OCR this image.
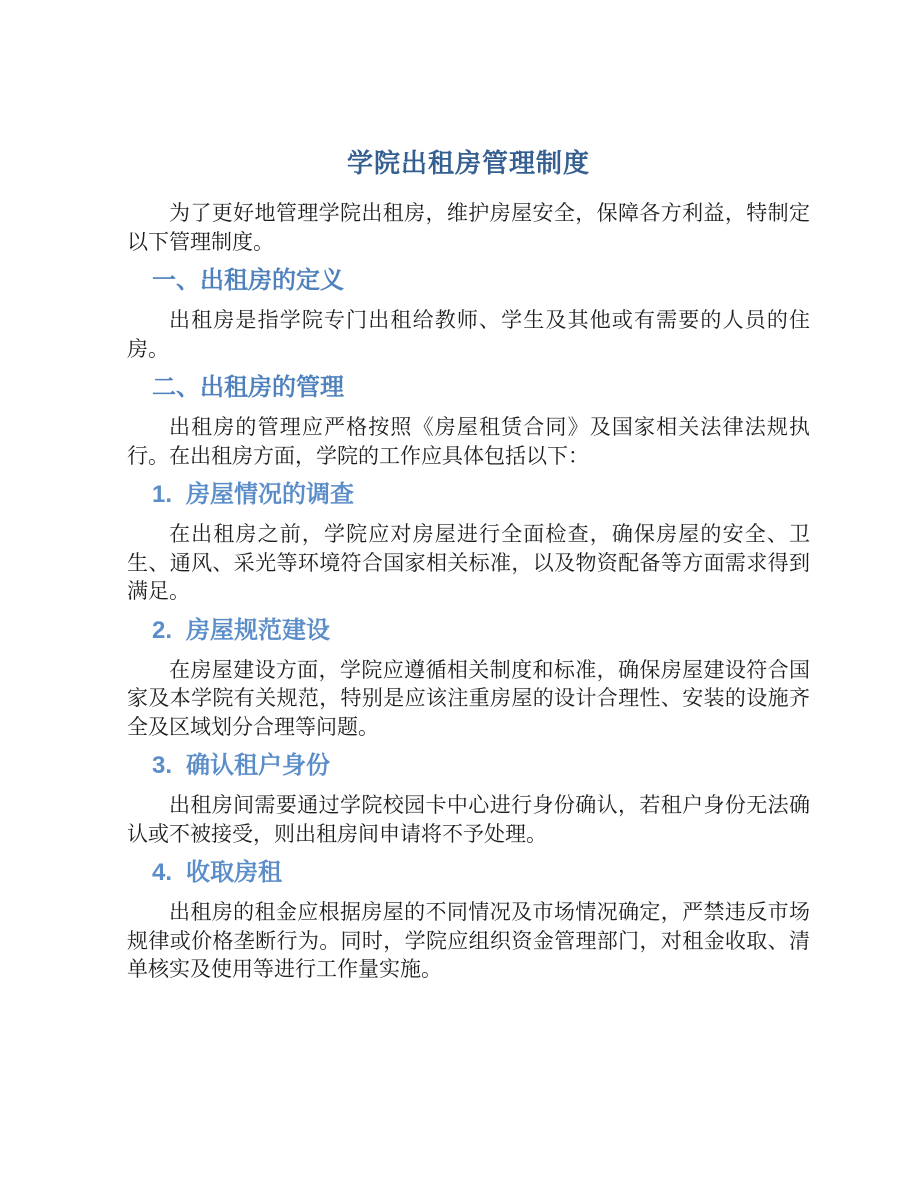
学院出租房管理制度

为了更好地管理学院出租房，维护房屋安全，保障各方利益，特制定以下管理制度。

一、出租房的定义

出租房是指学院专门出租给教师、学生及其他或有需要的人员的住房。

二、出租房的管理

出租房的管理应严格按照《房屋租赁合同》及国家相关法律法规执行。在出租房方面，学院的工作应具体包括以下：

1. 房屋情况的调查

在出租房之前，学院应对房屋进行全面检查，确保房屋的安全、卫生、通风、采光等环境符合国家相关标准，以及物资配备等方面需求得到满足。

2. 房屋规范建设

在房屋建设方面，学院应遵循相关制度和标准，确保房屋建设符合国家及本学院有关规范，特别是应该注重房屋的设计合理性、安装的设施齐全及区域划分合理等问题。

3. 确认租户身份

出租房间需要通过学院校园卡中心进行身份确认，若租户身份无法确认或不被接受，则出租房间申请将不予处理。

4. 收取房租

出租房的租金应根据房屋的不同情况及市场情况确定，严禁违反市场规律或价格垄断行为。同时，学院应组织资金管理部门，对租金收取、清单核实及使用等进行工作量实施。
